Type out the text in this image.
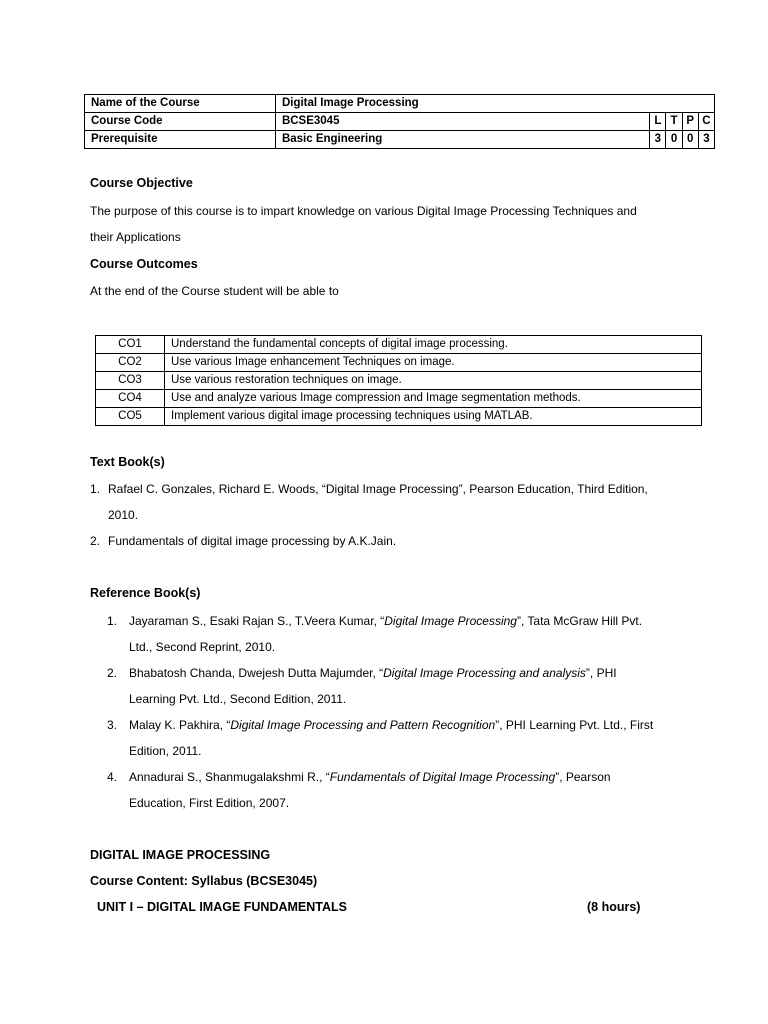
Name of the Course	Digital Image Processing				
Course Code	BCSE3045	L	T	P	C
Prerequisite	Basic Engineering	3	0	0	3
Course Objective
The purpose of this course is to impart knowledge on various Digital Image Processing Techniques and
their Applications
Course Outcomes
At the end of the Course student will be able to
CO1	Understand the fundamental concepts of digital image processing.
CO2	Use various Image enhancement Techniques on image.
CO3	Use various restoration techniques on image.
CO4	Use and analyze various Image compression and Image segmentation methods.
CO5	Implement various digital image processing techniques using MATLAB.
Text Book(s)
1. Rafael C. Gonzales, Richard E. Woods, “Digital Image Processing”, Pearson Education, Third Edition,
2010.
2. Fundamentals of digital image processing by A.K.Jain.
Reference Book(s)
1. Jayaraman S., Esaki Rajan S., T.Veera Kumar, “Digital Image Processing”, Tata McGraw Hill Pvt.
Ltd., Second Reprint, 2010.
2. Bhabatosh Chanda, Dwejesh Dutta Majumder, “Digital Image Processing and analysis”, PHI
Learning Pvt. Ltd., Second Edition, 2011.
3. Malay K. Pakhira, “Digital Image Processing and Pattern Recognition”, PHI Learning Pvt. Ltd., First
Edition, 2011.
4. Annadurai S., Shanmugalakshmi R., “Fundamentals of Digital Image Processing”, Pearson
Education, First Edition, 2007.
DIGITAL IMAGE PROCESSING
Course Content: Syllabus (BCSE3045)
UNIT I – DIGITAL IMAGE FUNDAMENTALS	(8 hours)
